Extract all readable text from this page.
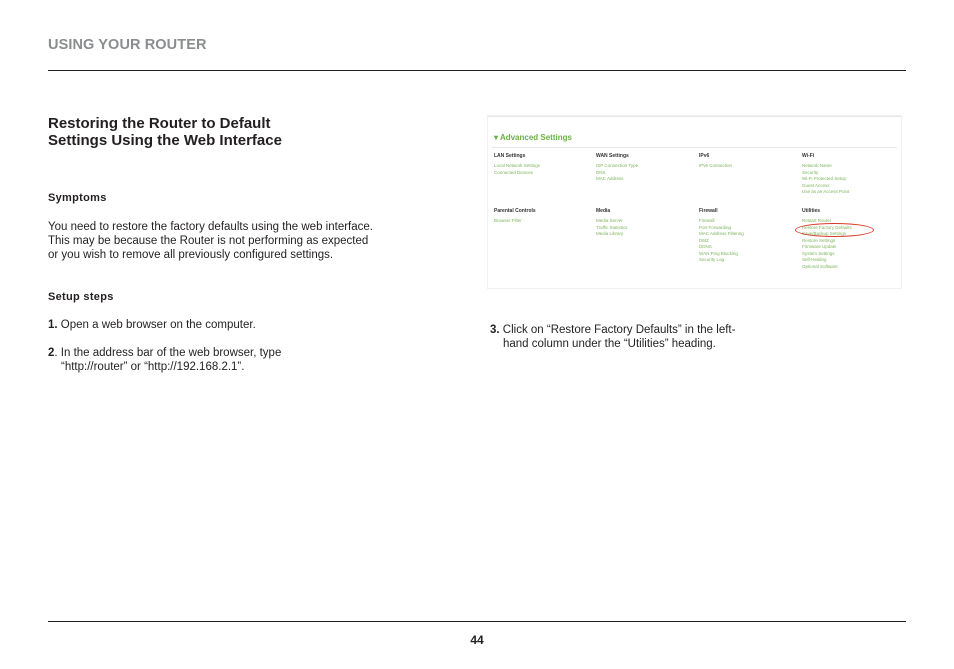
USING YOUR ROUTER
Restoring the Router to Default
Settings Using the Web Interface
Symptoms
You need to restore the factory defaults using the web interface.
This may be because the Router is not performing as expected
or you wish to remove all previously configured settings.
Setup steps
1. Open a web browser on the computer.
2. In the address bar of the web browser, type
“http://router” or “http://192.168.2.1”.
▾ Advanced Settings
LAN Settings
Local Network Settings
Connected Devices
WAN Settings
ISP Connection Type
DNS
MAC Address
IPv6
IPv6 Connection
Wi-Fi
Network Name
Security
Wi-Fi Protected Setup
Guest Access
Use as an Access Point
Parental Controls
Browser Filter
Media
Media Server
Traffic Statistics
Media Library
Firewall
Firewall
Port Forwarding
MAC Address Filtering
DMZ
DDNS
WAN Ping Blocking
Security Log
Utilities
Restart Router
Restore Factory Defaults
Save/Backup Settings
Restore Settings
Firmware Update
System Settings
Self-Healing
Optional Software
3. Click on “Restore Factory Defaults” in the left-
hand column under the “Utilities” heading.
44
